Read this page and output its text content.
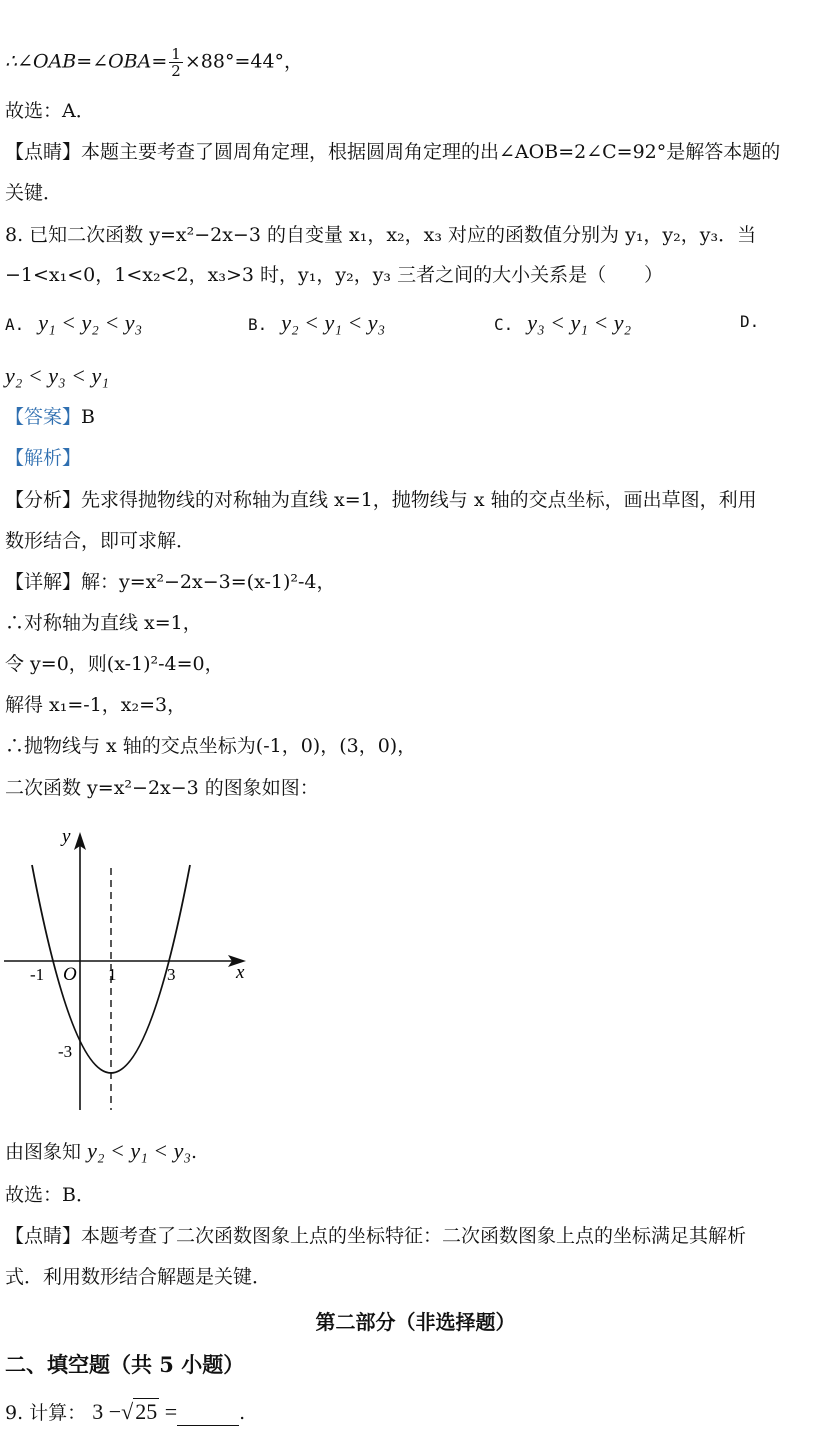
∴∠OAB=∠OBA= $\frac{1}{2} \times 88^\circ=44^\circ$，
故选：A．
【点睛】本题主要考查了圆周角定理，根据圆周角定理的出∠AOB=2∠C=92°是解答本题的
关键．
8. 已知二次函数 y=x²−2x−3 的自变量 x₁，x₂，x₃ 对应的函数值分别为 y₁，y₂，y₃．当
−1<x₁<0，1<x₂<2，x₃>3 时，y₁，y₂，y₃ 三者之间的大小关系是（　　）
A. y₁ < y₂ < y₃	B. y₂ < y₁ < y₃	C. y₃ < y₁ < y₂	D.
y₂ < y₃ < y₁
【答案】B
【解析】
【分析】先求得抛物线的对称轴为直线 x=1，抛物线与 x 轴的交点坐标，画出草图，利用
数形结合，即可求解．
【详解】解：y=x²−2x−3=(x-1)²-4，
∴对称轴为直线 x=1，
令 y=0，则(x-1)²-4=0，
解得 x₁=-1，x₂=3，
∴抛物线与 x 轴的交点坐标为(-1，0)，(3，0)，
二次函数 y=x²−2x−3 的图象如图：
y
x
O
-1	1	3
-3
由图象知 y₂ < y₁ < y₃.
故选：B．
【点睛】本题考查了二次函数图象上点的坐标特征：二次函数图象上点的坐标满足其解析
式．利用数形结合解题是关键．
第二部分（非选择题）
二、填空题（共 5 小题）
9. 计算： 3 −√25 =	.
